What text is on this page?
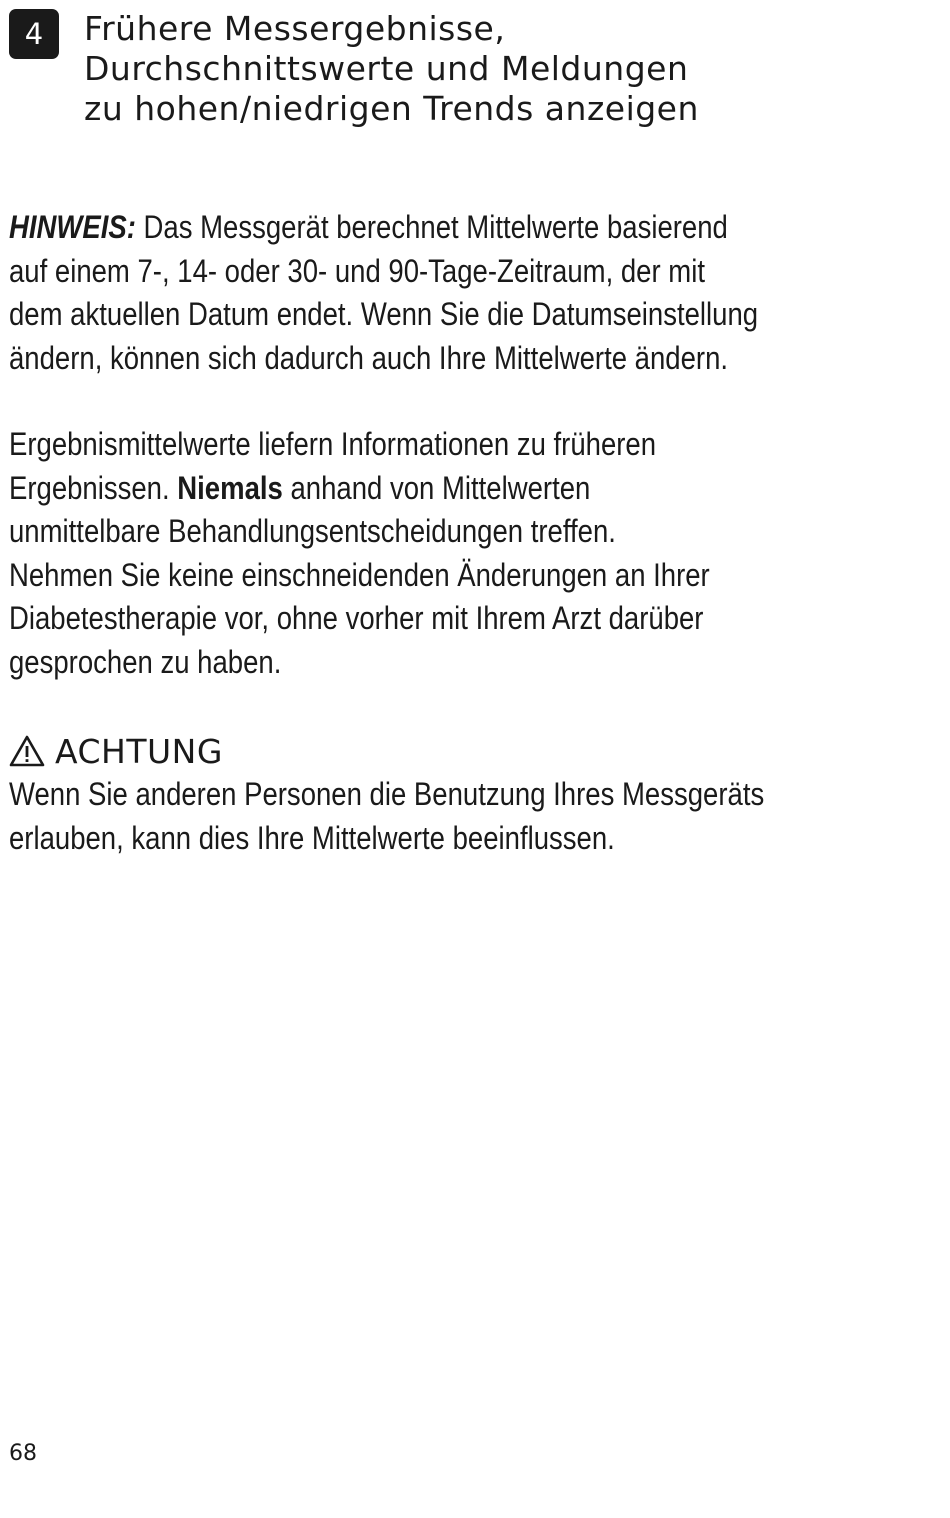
4	Frühere Messergebnisse,
Durchschnittswerte und Meldungen
zu hohen/niedrigen Trends anzeigen

HINWEIS: Das Messgerät berechnet Mittelwerte basierend
auf einem 7-, 14- oder 30- und 90-Tage-Zeitraum, der mit
dem aktuellen Datum endet. Wenn Sie die Datumseinstellung
ändern, können sich dadurch auch Ihre Mittelwerte ändern.

Ergebnismittelwerte liefern Informationen zu früheren
Ergebnissen. Niemals anhand von Mittelwerten
unmittelbare Behandlungsentscheidungen treffen.
Nehmen Sie keine einschneidenden Änderungen an Ihrer
Diabetestherapie vor, ohne vorher mit Ihrem Arzt darüber
gesprochen zu haben.

ACHTUNG

Wenn Sie anderen Personen die Benutzung Ihres Messgeräts
erlauben, kann dies Ihre Mittelwerte beeinflussen.

68
